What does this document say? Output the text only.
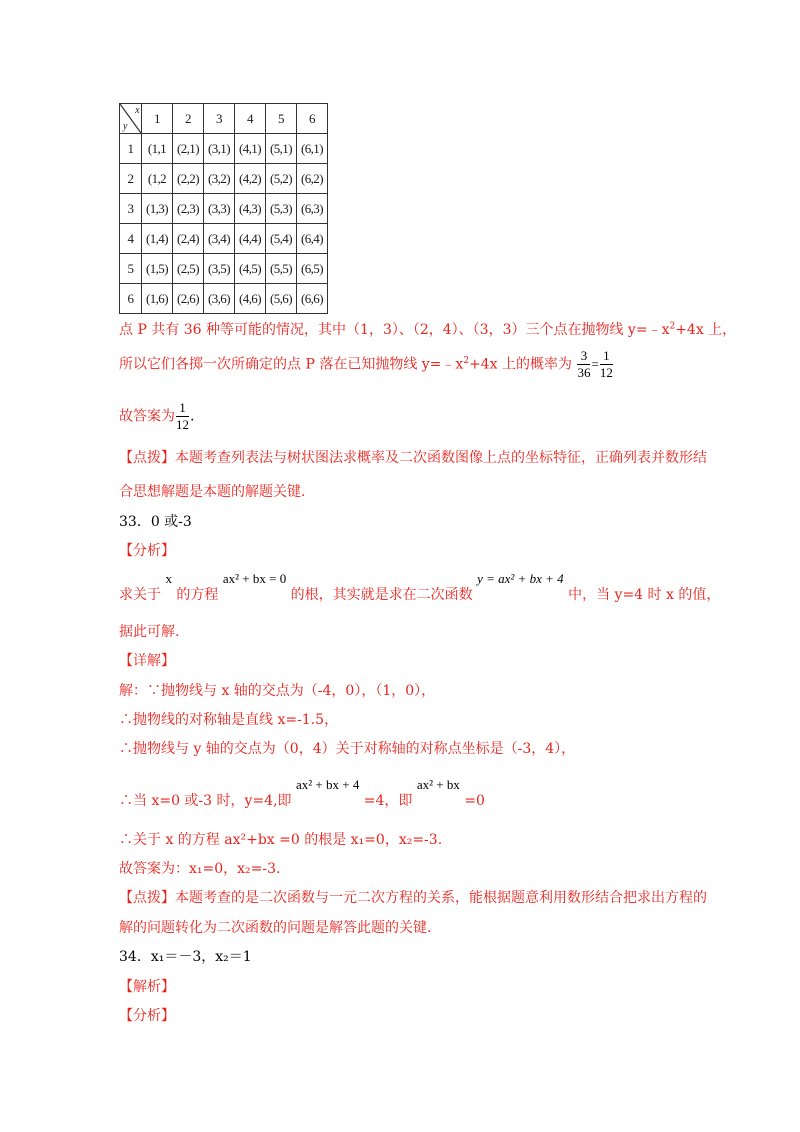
x
y	1	2	3	4	5	6
1	(1,1	(2,1)	(3,1)	(4,1)	(5,1)	(6,1)
2	(1,2	(2,2)	(3,2)	(4,2)	(5,2)	(6,2)
3	(1,3)	(2,3)	(3,3)	(4,3)	(5,3)	(6,3)
4	(1,4)	(2,4)	(3,4)	(4,4)	(5,4)	(6,4)
5	(1,5)	(2,5)	(3,5)	(4,5)	(5,5)	(6,5)
6	(1,6)	(2,6)	(3,6)	(4,6)	(5,6)	(6,6)
点 P 共有 36 种等可能的情况，其中（1，3）、（2，4）、（3，3）三个点在抛物线 $y=﹣x^2+4x$ 上，
所以它们各掷一次所确定的点 P 落在已知抛物线 $y=﹣x^2+4x$ 上的概率为 $\frac{3}{36} = \frac{1}{12}$
故答案为 $\frac{1}{12}$ .
【点拨】本题考查列表法与树状图法求概率及二次函数图像上点的坐标特征，正确列表并数形结
合思想解题是本题的解题关键.
33．0 或-3
【分析】
求关于 x 的方程 ax² + bx = 0 的根，其实就是求在二次函数 y = ax² + bx + 4 中，当 y=4 时 x 的值，
据此可解.
【详解】
解：∵抛物线与 x 轴的交点为（-4，0），（1，0），
∴抛物线的对称轴是直线 x=-1.5，
∴抛物线与 y 轴的交点为（0，4）关于对称轴的对称点坐标是（-3，4），
∴当 x=0 或-3 时，y=4,即 ax² + bx + 4 =4，即 ax² + bx =0
∴关于 x 的方程 ax²+bx =0 的根是 x₁=0，x₂=-3.
故答案为：x₁=0，x₂=-3.
【点拨】本题考查的是二次函数与一元二次方程的关系，能根据题意利用数形结合把求出方程的
解的问题转化为二次函数的问题是解答此题的关键.
34．x₁＝－3，x₂＝1
【解析】
【分析】
